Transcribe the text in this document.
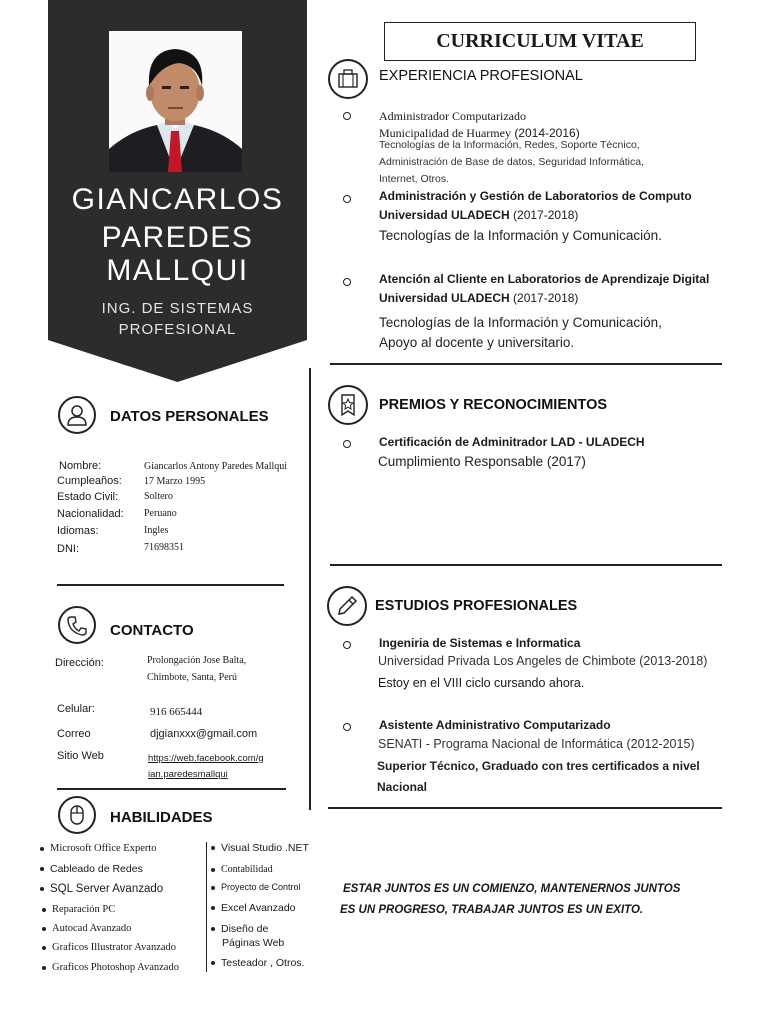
GIANCARLOS
PAREDES
MALLQUI
ING. DE SISTEMAS
PROFESIONAL
DATOS PERSONALES
Nombre:	Giancarlos Antony Paredes Mallqui
Cumpleaños: 17 Marzo 1995
Estado Civil:	Soltero
Nacionalidad: Peruano
Idiomas:	Ingles
DNI:	71698351
CONTACTO
Dirección:	Prolongación Jose Balta,
Chimbote, Santa, Perú
Celular:	916 665444
Correo	djgianxxx@gmail.com
Sitio Web	https://web.facebook.com/g
ian.paredesmallqui
HABILIDADES
Microsoft Office Experto
Cableado de Redes
SQL Server Avanzado
Reparación PC
Autocad Avanzado
Graficos Illustrator Avanzado
Graficos Photoshop Avanzado
Visual Studio .NET
Contabilidad
Proyecto de Control
Excel Avanzado
Diseño de
Páginas Web
Testeador , Otros.
CURRICULUM VITAE
EXPERIENCIA PROFESIONAL
Administrador Computarizado
Municipalidad de Huarmey (2014-2016)
Tecnologías de la Información, Redes, Soporte Técnico,
Administración de Base de datos, Seguridad Informática,
Internet, Otros.
Administración y Gestión de Laboratorios de Computo
Universidad ULADECH (2017-2018)
Tecnologías de la Información y Comunicación.
Atención al Cliente en Laboratorios de Aprendizaje Digital
Universidad ULADECH (2017-2018)
Tecnologías de la Información y Comunicación,
Apoyo al docente y universitario.
PREMIOS Y RECONOCIMIENTOS
Certificación de Adminitrador LAD - ULADECH
Cumplimiento Responsable (2017)
ESTUDIOS PROFESIONALES
Ingeniria de Sistemas e Informatica
Universidad Privada Los Angeles de Chimbote (2013-2018)
Estoy en el VIII ciclo cursando ahora.
Asistente Administrativo Computarizado
SENATI - Programa Nacional de Informática (2012-2015)
Superior Técnico, Graduado con tres certificados a nivel
Nacional
ESTAR JUNTOS ES UN COMIENZO, MANTENERNOS JUNTOS
ES UN PROGRESO, TRABAJAR JUNTOS ES UN EXITO.
